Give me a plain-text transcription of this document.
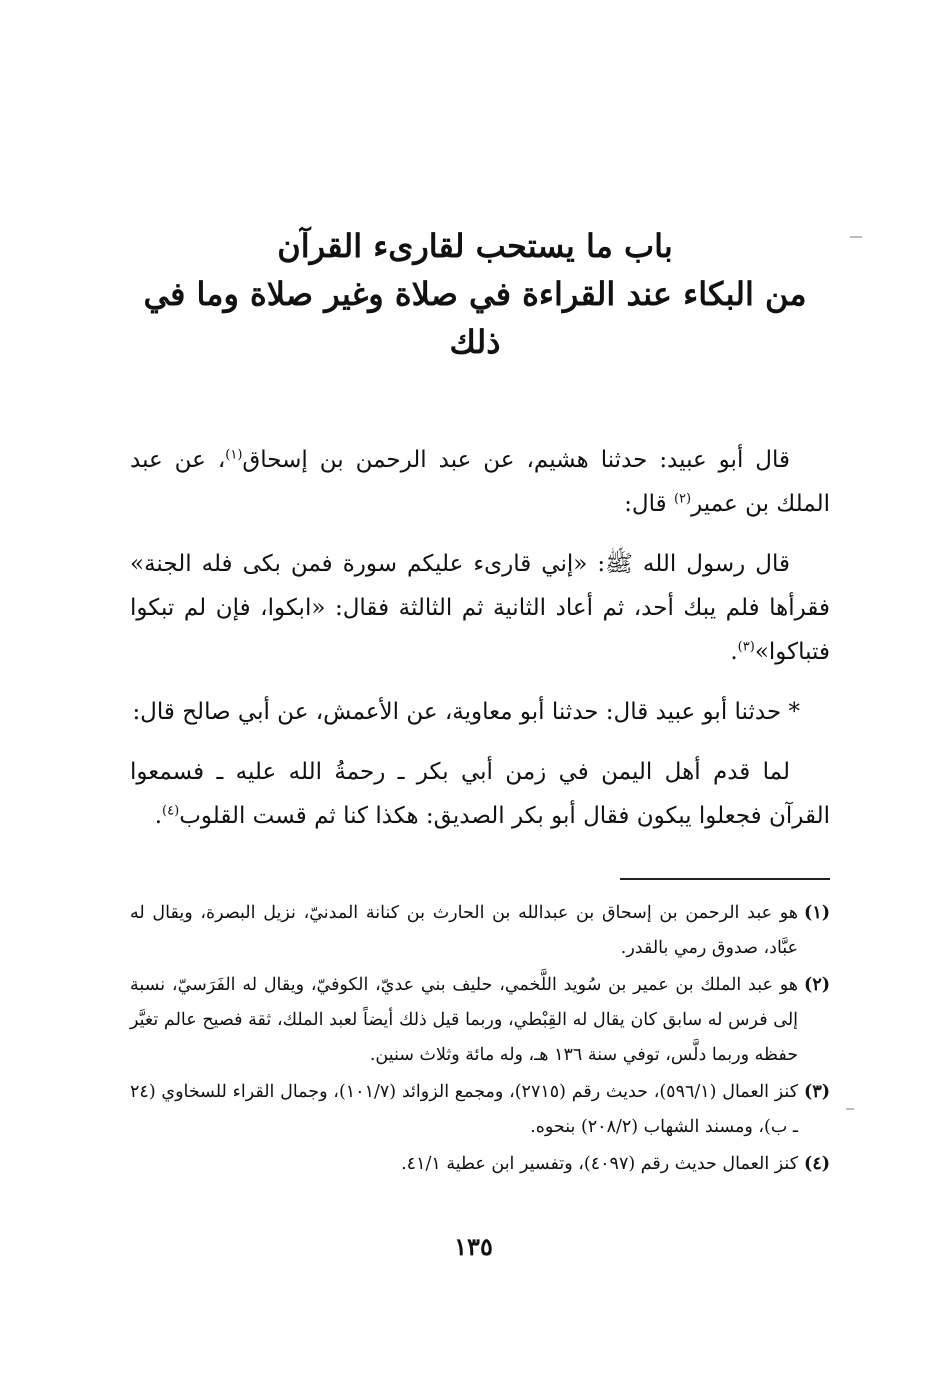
باب ما يستحب لقارىء القرآن
من البكاء عند القراءة في صلاة وغير صلاة وما في ذلك

قال أبو عبيد: حدثنا هشيم، عن عبد الرحمن بن إسحاق$^{(١)}$، عن عبد الملك بن عمير$^{(٢)}$ قال:

قال رسول الله ﷺ: «إني قارىء عليكم سورة فمن بكى فله الجنة» فقرأها فلم يبك أحد، ثم أعاد الثانية ثم الثالثة فقال: «ابكوا، فإن لم تبكوا فتباكوا»$^{(٣)}$.

* حدثنا أبو عبيد قال: حدثنا أبو معاوية، عن الأعمش، عن أبي صالح قال:

لما قدم أهل اليمن في زمن أبي بكر ـ رحمةُ الله عليه ـ فسمعوا القرآن فجعلوا يبكون فقال أبو بكر الصديق: هكذا كنا ثم قست القلوب$^{(٤)}$.

(١)
هو عبد الرحمن بن إسحاق بن عبدالله بن الحارث بن كنانة المدنيّ، نزيل البصرة، ويقال له عبَّاد، صدوق رمي بالقدر.
(٢)
هو عبد الملك بن عمير بن سُويد اللَّخمي، حليف بني عديّ، الكوفيّ، ويقال له الفَرَسيّ، نسبة إلى فرس له سابق كان يقال له القِبْطي، وربما قيل ذلك أيضاً لعبد الملك، ثقة فصيح عالم تغيَّر حفظه وربما دلَّس، توفي سنة ١٣٦ هـ، وله مائة وثلاث سنين.
(٣)
كنز العمال (٥٩٦/١)، حديث رقم (٢٧١٥)، ومجمع الزوائد (١٠١/٧)، وجمال القراء للسخاوي (٢٤ ـ ب)، ومسند الشهاب (٢٠٨/٢) بنحوه.
(٤)
كنز العمال حديث رقم (٤٠٩٧)، وتفسير ابن عطية ٤١/١.
١٣٥
